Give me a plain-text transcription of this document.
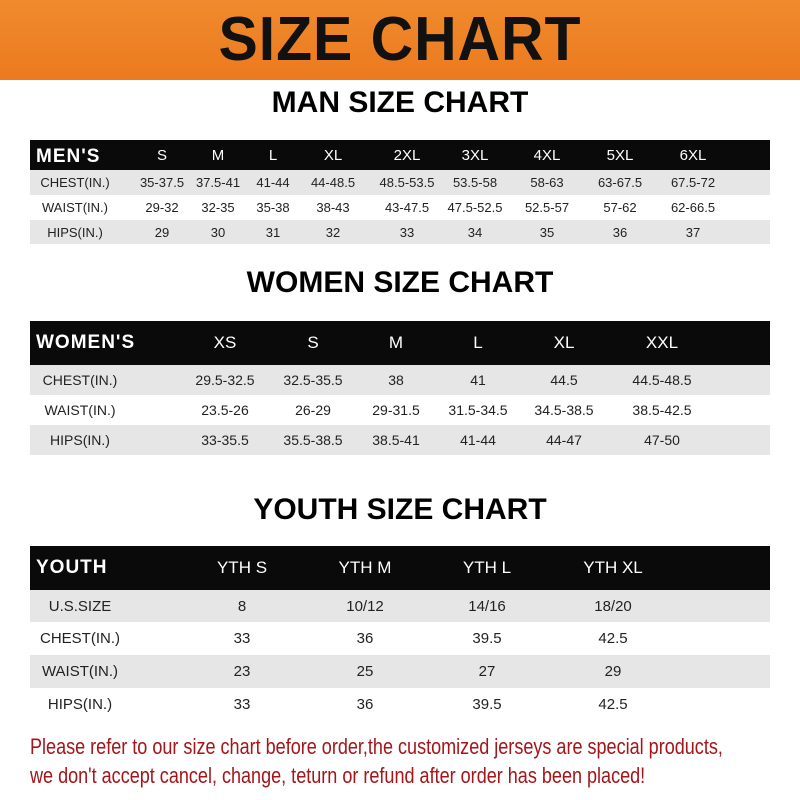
SIZE CHART
MAN SIZE CHART
MEN'S	S	M	L	XL	2XL	3XL	4XL	5XL	6XL
CHEST(IN.) 35-37.5 37.5-41 41-44 44-48.5 48.5-53.5 53.5-58	58-63	63-67.5 67.5-72
WAIST(IN.)	29-32 32-35 35-38 38-43	43-47.5 47.5-52.5 52.5-57	57-62	62-66.5
HIPS(IN.)	29	30	31	32	33	34	35	36	37
WOMEN SIZE CHART
WOMEN'S	XS	S	M	L	XL	XXL
CHEST(IN.)	29.5-32.5 32.5-35.5	38	41	44.5	44.5-48.5
WAIST(IN.)	23.5-26	26-29	29-31.5 31.5-34.5 34.5-38.5	38.5-42.5
HIPS(IN.)	33-35.5 35.5-38.5 38.5-41	41-44	44-47	47-50
YOUTH SIZE CHART
YOUTH	YTH S	YTH M	YTH L	YTH XL
U.S.SIZE	8	10/12	14/16	18/20
CHEST(IN.)	33	36	39.5	42.5
WAIST(IN.)	23	25	27	29
HIPS(IN.)	33	36	39.5	42.5
Please refer to our size chart before order,the customized jerseys are special products,
we don't accept cancel, change, teturn or refund after order has been placed!
